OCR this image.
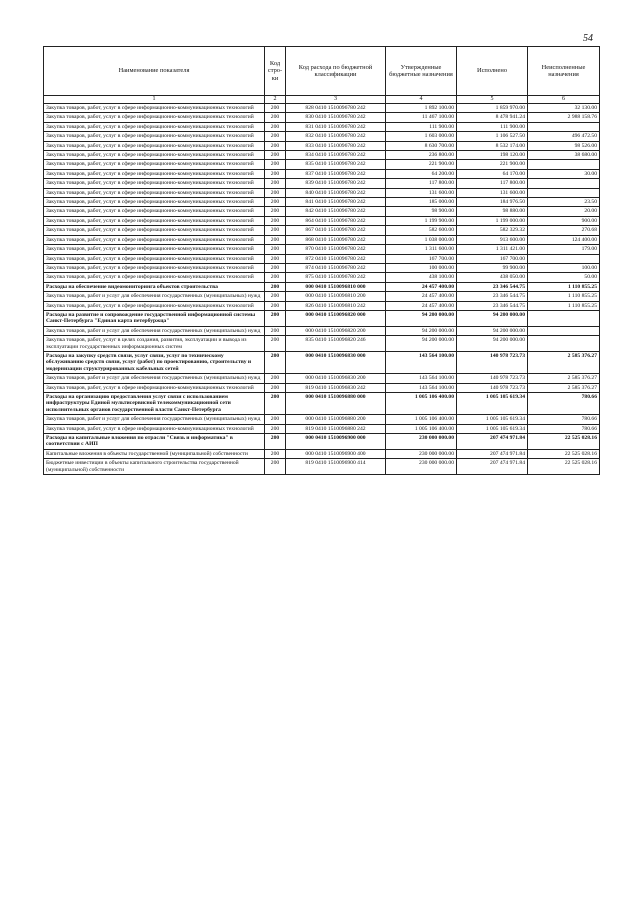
54
Наименование показателя	Код стро-ки	Код расхода по бюджетной классификации	Утвержденные бюджетные назначения	Исполнено	Неисполненные назначения
1	2	3	4	5	6
Закупка товаров, работ, услуг в сфере информационно-коммуникационных технологий	200	828 0410 1510096780 242	1 892 100.00	1 859 970.00	32 130.00
Закупка товаров, работ, услуг в сфере информационно-коммуникационных технологий	200	830 0410 1510096780 242	11 467 100.00	8 478 941.24	2 988 158.76
Закупка товаров, работ, услуг в сфере информационно-коммуникационных технологий	200	831 0410 1510096780 242	111 900.00	111 900.00	
Закупка товаров, работ, услуг в сфере информационно-коммуникационных технологий	200	832 0410 1510096780 242	1 603 000.00	1 106 527.50	496 472.50
Закупка товаров, работ, услуг в сфере информационно-коммуникационных технологий	200	833 0410 1510096780 242	8 630 700.00	8 532 174.00	98 526.00
Закупка товаров, работ, услуг в сфере информационно-коммуникационных технологий	200	834 0410 1510096780 242	236 800.00	198 120.00	38 680.00
Закупка товаров, работ, услуг в сфере информационно-коммуникационных технологий	200	835 0410 1510096780 242	221 900.00	221 900.00	
Закупка товаров, работ, услуг в сфере информационно-коммуникационных технологий	200	837 0410 1510096780 242	64 200.00	64 170.00	30.00
Закупка товаров, работ, услуг в сфере информационно-коммуникационных технологий	200	839 0410 1510096780 242	117 800.00	117 800.00	
Закупка товаров, работ, услуг в сфере информационно-коммуникационных технологий	200	840 0410 1510096780 242	131 600.00	131 600.00	
Закупка товаров, работ, услуг в сфере информационно-коммуникационных технологий	200	841 0410 1510096780 242	185 000.00	184 976.50	23.50
Закупка товаров, работ, услуг в сфере информационно-коммуникационных технологий	200	842 0410 1510096780 242	98 900.00	98 880.00	20.00
Закупка товаров, работ, услуг в сфере информационно-коммуникационных технологий	200	864 0410 1510096780 242	1 199 900.00	1 199 000.00	900.00
Закупка товаров, работ, услуг в сфере информационно-коммуникационных технологий	200	867 0410 1510096780 242	582 600.00	582 329.32	270.68
Закупка товаров, работ, услуг в сфере информационно-коммуникационных технологий	200	868 0410 1510096780 242	1 038 000.00	913 600.00	124 400.00
Закупка товаров, работ, услуг в сфере информационно-коммуникационных технологий	200	870 0410 1510096780 242	1 311 600.00	1 311 421.00	179.00
Закупка товаров, работ, услуг в сфере информационно-коммуникационных технологий	200	872 0410 1510096780 242	167 700.00	167 700.00	
Закупка товаров, работ, услуг в сфере информационно-коммуникационных технологий	200	874 0410 1510096780 242	100 000.00	99 900.00	100.00
Закупка товаров, работ, услуг в сфере информационно-коммуникационных технологий	200	875 0410 1510096780 242	438 100.00	438 050.00	50.00
Расходы на обеспечение видеомониторинга объектов строительства	200	000 0410 1510096810 000	24 457 400.00	23 346 544.75	1 110 855.25
Закупка товаров, работ и услуг для обеспечения государственных (муниципальных) нужд	200	000 0410 1510096810 200	24 457 400.00	23 346 544.75	1 110 855.25
Закупка товаров, работ, услуг в сфере информационно-коммуникационных технологий	200	826 0410 1510096810 242	24 457 400.00	23 346 544.75	1 110 855.25
Расходы на развитие и сопровождение государственной информационной системы Санкт-Петербурга "Единая карта петербуржца"	200	000 0410 1510096820 000	94 200 000.00	94 200 000.00	
Закупка товаров, работ и услуг для обеспечения государственных (муниципальных) нужд	200	000 0410 1510096820 200	94 200 000.00	94 200 000.00	
Закупка товаров, работ, услуг в целях создания, развития, эксплуатации и вывода из эксплуатации государственных информационных систем	200	835 0410 1510096820 246	94 200 000.00	94 200 000.00	
Расходы на закупку средств связи, услуг связи, услуг по техническому обслуживанию средств связи, услуг (работ) по проектированию, строительству и модернизации структурированных кабельных сетей	200	000 0410 1510096830 000	143 564 100.00	140 978 723.73	2 585 376.27
Закупка товаров, работ и услуг для обеспечения государственных (муниципальных) нужд	200	000 0410 1510096830 200	143 564 100.00	140 978 723.73	2 585 376.27
Закупка товаров, работ, услуг в сфере информационно-коммуникационных технологий	200	819 0410 1510096830 242	143 564 100.00	140 978 723.73	2 585 376.27
Расходы на организацию предоставления услуг связи с использованием инфраструктуры Единой мультисервисной телекоммуникационной сети исполнительных органов государственной власти Санкт-Петербурга	200	000 0410 1510096880 000	1 005 106 400.00	1 005 105 619.34	780.66
Закупка товаров, работ и услуг для обеспечения государственных (муниципальных) нужд	200	000 0410 1510096880 200	1 005 106 400.00	1 005 105 619.34	780.66
Закупка товаров, работ, услуг в сфере информационно-коммуникационных технологий	200	819 0410 1510096880 242	1 005 106 400.00	1 005 105 619.34	780.66
Расходы на капитальные вложения по отрасли "Связь и информатика" в соответствии с АИП	200	000 0410 1510096900 000	230 000 000.00	207 474 971.84	22 525 028.16
Капитальные вложения в объекты государственной (муниципальной) собственности	200	000 0410 1510096900 400	230 000 000.00	207 474 971.84	22 525 028.16
Бюджетные инвестиции в объекты капитального строительства государственной (муниципальной) собственности	200	819 0410 1510096900 414	230 000 000.00	207 474 971.84	22 525 028.16
